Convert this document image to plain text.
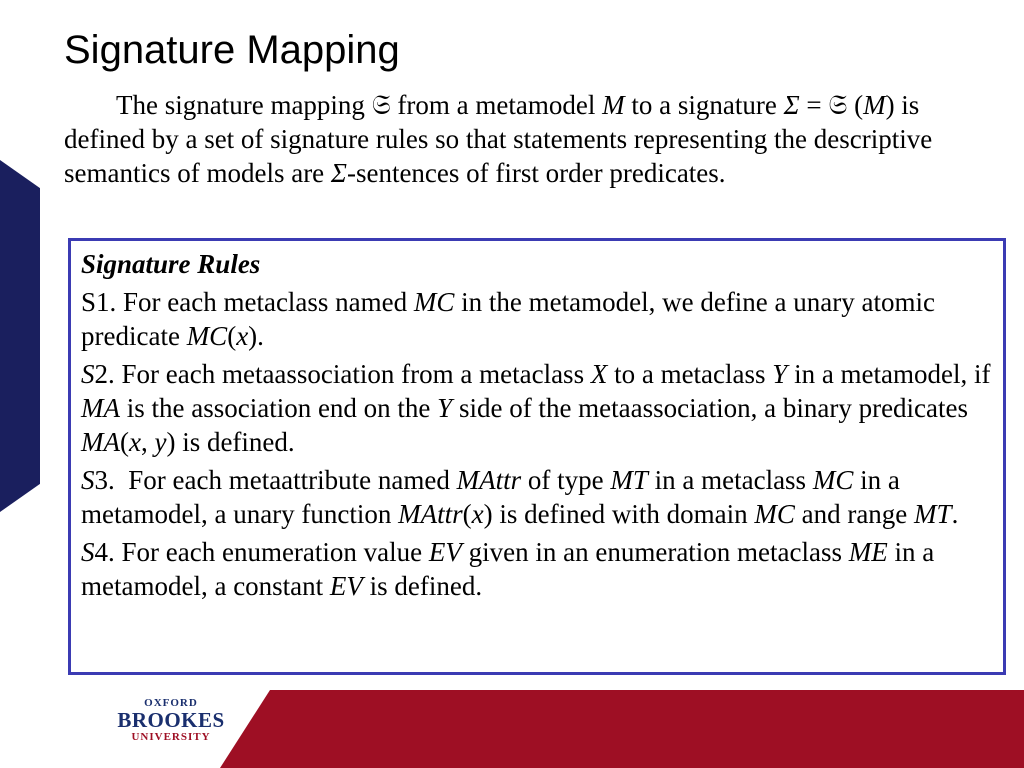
Signature Mapping
The signature mapping 𝔖 from a metamodel M to a signature Σ = 𝔖 (M) is defined by a set of signature rules so that statements representing the descriptive semantics of models are Σ-sentences of first order predicates.
Signature Rules
S1. For each metaclass named MC in the metamodel, we define a unary atomic predicate MC(x).
S2. For each metaassociation from a metaclass X to a metaclass Y in a metamodel, if MA is the association end on the Y side of the metaassociation, a binary predicates MA(x, y) is defined.
S3.  For each metaattribute named MAttr of type MT in a metaclass MC in a metamodel, a unary function MAttr(x) is defined with domain MC and range MT.
S4. For each enumeration value EV given in an enumeration metaclass ME in a metamodel, a constant EV is defined.
OXFORD
BROOKES
UNIVERSITY
